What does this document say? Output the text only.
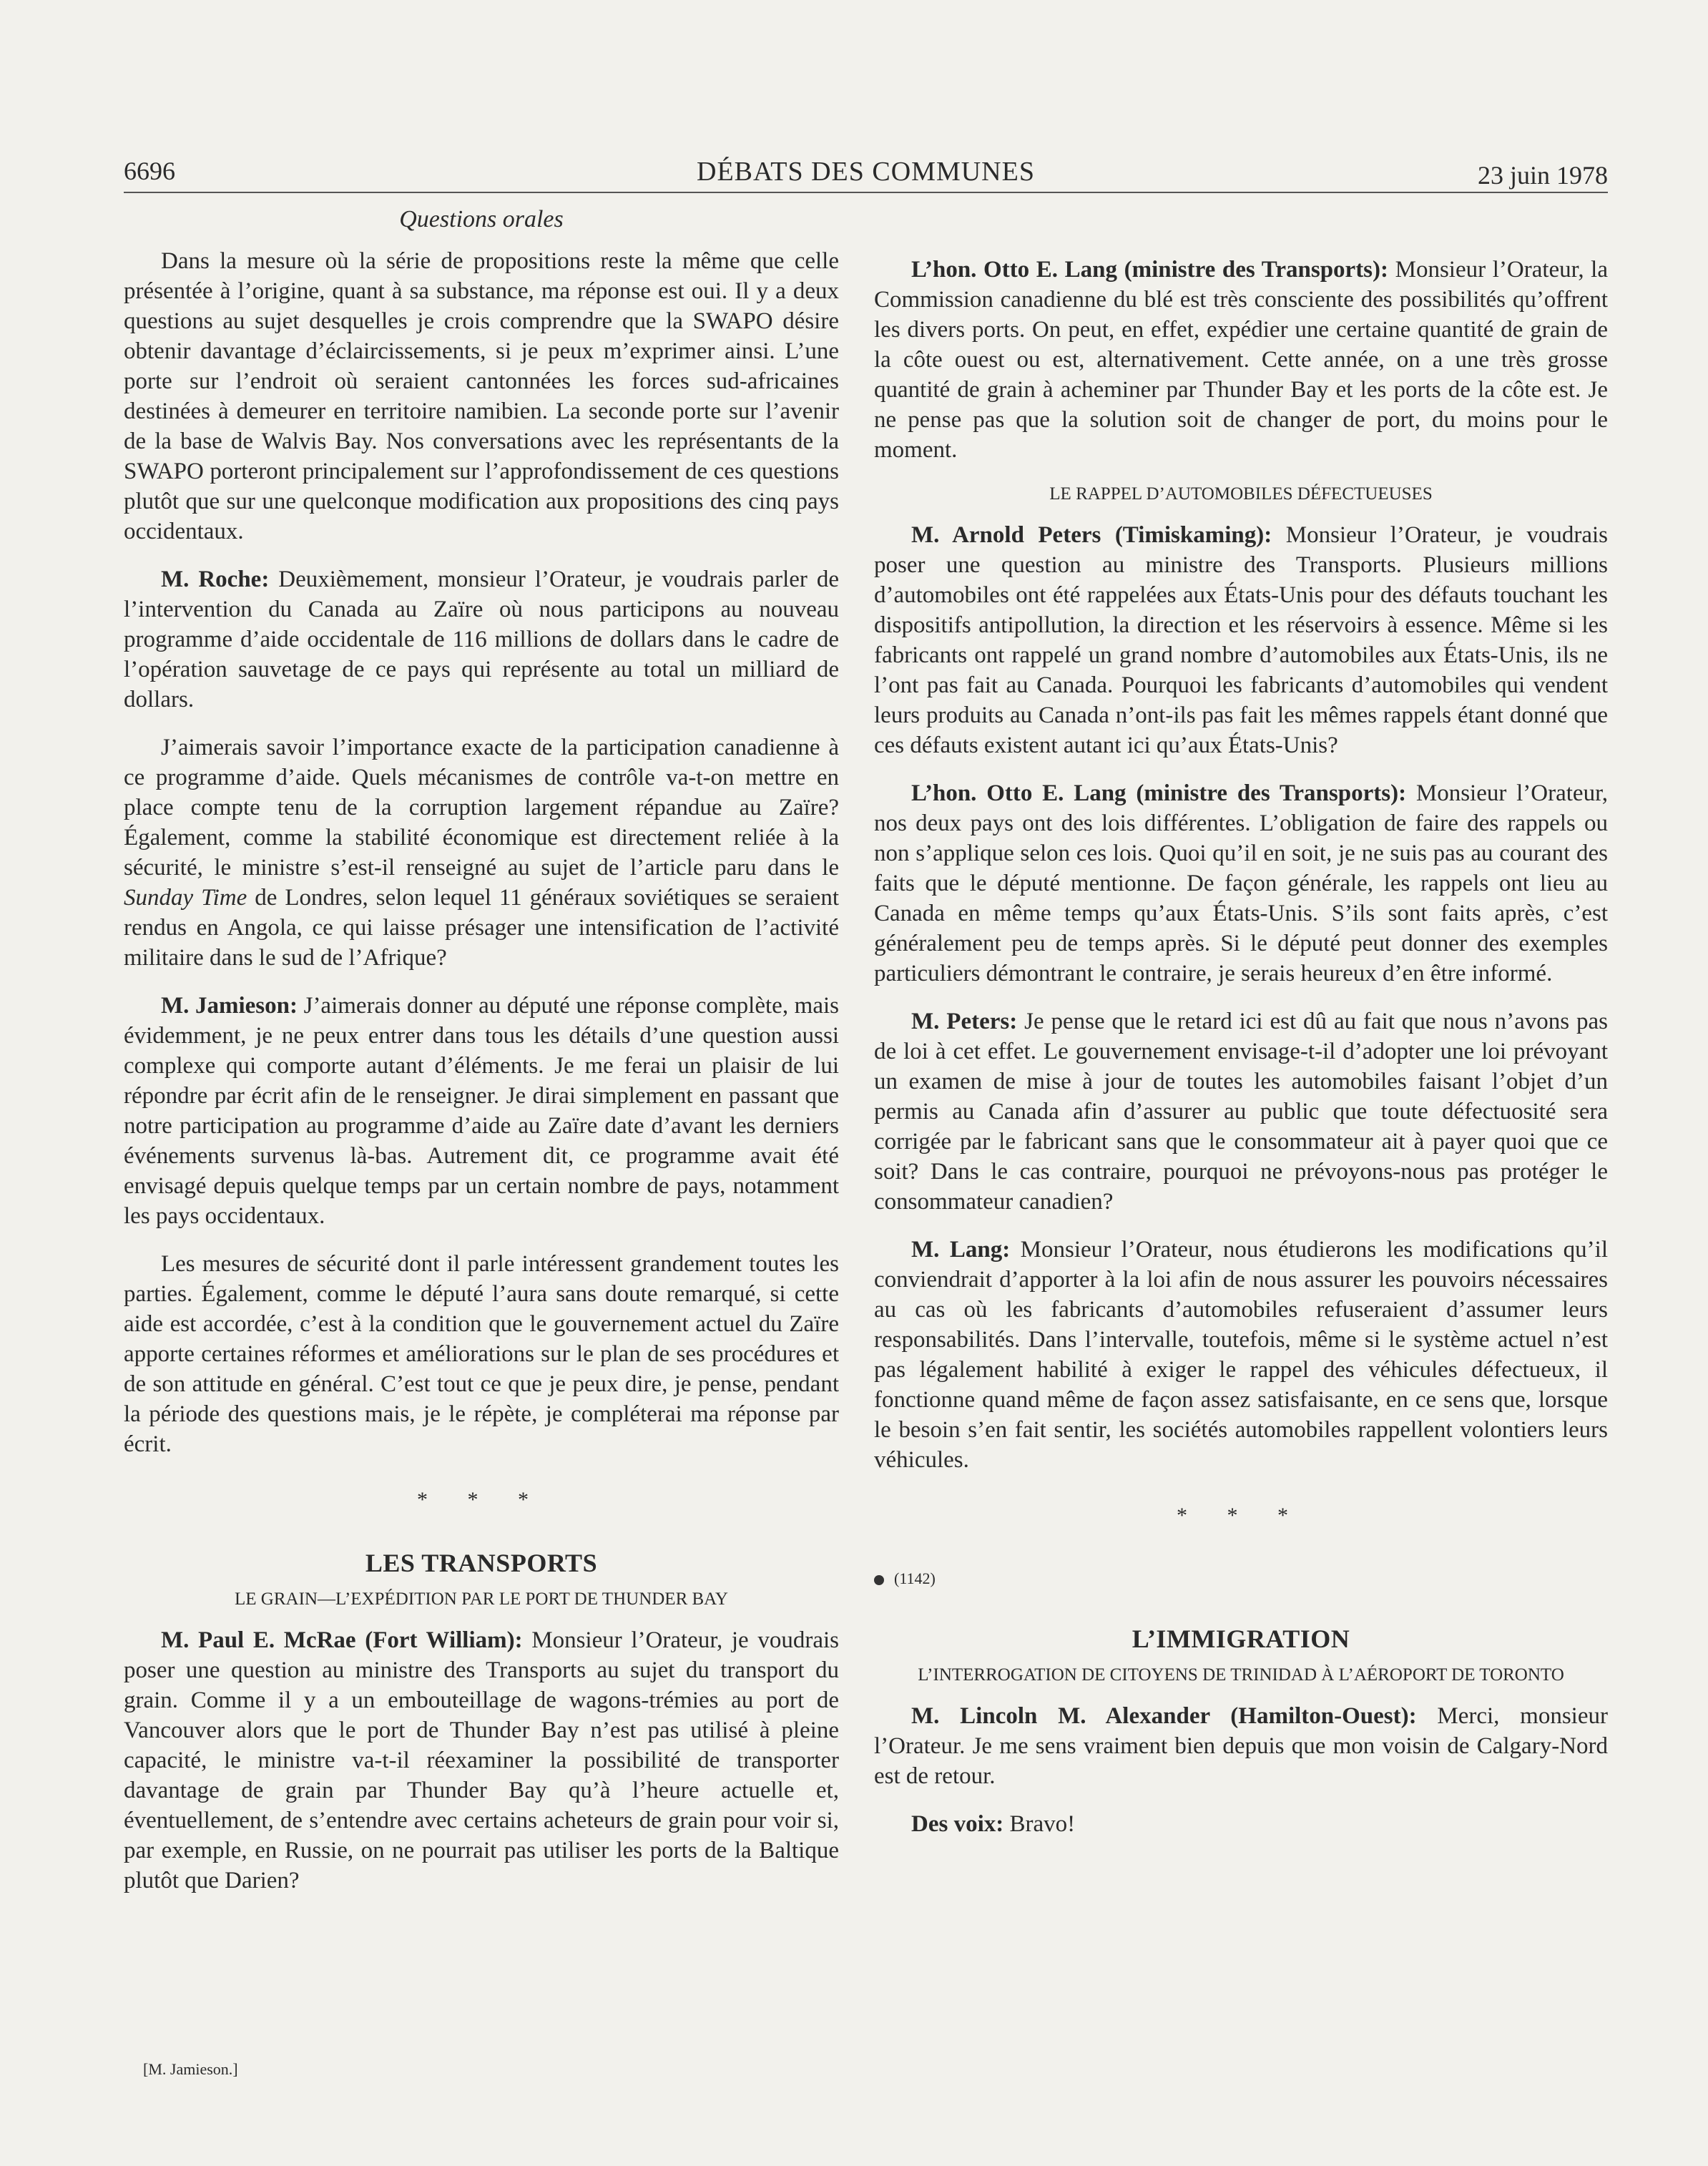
6696	DÉBATS DES COMMUNES	23 juin 1978
Questions orales

Dans la mesure où la série de propositions reste la même que celle présentée à l’origine, quant à sa substance, ma réponse est oui. Il y a deux questions au sujet desquelles je crois comprendre que la SWAPO désire obtenir davantage d’éclaircissements, si je peux m’exprimer ainsi. L’une porte sur l’endroit où seraient cantonnées les forces sud-africaines destinées à demeurer en territoire namibien. La seconde porte sur l’avenir de la base de Walvis Bay. Nos conversations avec les représentants de la SWAPO porteront principalement sur l’approfondissement de ces questions plutôt que sur une quelconque modification aux propositions des cinq pays occidentaux.

M. Roche: Deuxièmement, monsieur l’Orateur, je voudrais parler de l’intervention du Canada au Zaïre où nous participons au nouveau programme d’aide occidentale de 116 millions de dollars dans le cadre de l’opération sauvetage de ce pays qui représente au total un milliard de dollars.

J’aimerais savoir l’importance exacte de la participation canadienne à ce programme d’aide. Quels mécanismes de contrôle va-t-on mettre en place compte tenu de la corruption largement répandue au Zaïre? Également, comme la stabilité économique est directement reliée à la sécurité, le ministre s’est-il renseigné au sujet de l’article paru dans le Sunday Time de Londres, selon lequel 11 généraux soviétiques se seraient rendus en Angola, ce qui laisse présager une intensification de l’activité militaire dans le sud de l’Afrique?

M. Jamieson: J’aimerais donner au député une réponse complète, mais évidemment, je ne peux entrer dans tous les détails d’une question aussi complexe qui comporte autant d’éléments. Je me ferai un plaisir de lui répondre par écrit afin de le renseigner. Je dirai simplement en passant que notre participation au programme d’aide au Zaïre date d’avant les derniers événements survenus là-bas. Autrement dit, ce programme avait été envisagé depuis quelque temps par un certain nombre de pays, notamment les pays occidentaux.

Les mesures de sécurité dont il parle intéressent grandement toutes les parties. Également, comme le député l’aura sans doute remarqué, si cette aide est accordée, c’est à la condition que le gouvernement actuel du Zaïre apporte certaines réformes et améliorations sur le plan de ses procédures et de son attitude en général. C’est tout ce que je peux dire, je pense, pendant la période des questions mais, je le répète, je compléterai ma réponse par écrit.

* * *
LES TRANSPORTS
LE GRAIN—L’EXPÉDITION PAR LE PORT DE THUNDER BAY

M. Paul E. McRae (Fort William): Monsieur l’Orateur, je voudrais poser une question au ministre des Transports au sujet du transport du grain. Comme il y a un embouteillage de wagons-trémies au port de Vancouver alors que le port de Thunder Bay n’est pas utilisé à pleine capacité, le ministre va-t-il réexaminer la possibilité de transporter davantage de grain par Thunder Bay qu’à l’heure actuelle et, éventuellement, de s’entendre avec certains acheteurs de grain pour voir si, par exemple, en Russie, on ne pourrait pas utiliser les ports de la Baltique plutôt que Darien?

[M. Jamieson.]

L’hon. Otto E. Lang (ministre des Transports): Monsieur l’Orateur, la Commission canadienne du blé est très consciente des possibilités qu’offrent les divers ports. On peut, en effet, expédier une certaine quantité de grain de la côte ouest ou est, alternativement. Cette année, on a une très grosse quantité de grain à acheminer par Thunder Bay et les ports de la côte est. Je ne pense pas que la solution soit de changer de port, du moins pour le moment.

LE RAPPEL D’AUTOMOBILES DÉFECTUEUSES

M. Arnold Peters (Timiskaming): Monsieur l’Orateur, je voudrais poser une question au ministre des Transports. Plusieurs millions d’automobiles ont été rappelées aux États-Unis pour des défauts touchant les dispositifs antipollution, la direction et les réservoirs à essence. Même si les fabricants ont rappelé un grand nombre d’automobiles aux États-Unis, ils ne l’ont pas fait au Canada. Pourquoi les fabricants d’automobiles qui vendent leurs produits au Canada n’ont-ils pas fait les mêmes rappels étant donné que ces défauts existent autant ici qu’aux États-Unis?

L’hon. Otto E. Lang (ministre des Transports): Monsieur l’Orateur, nos deux pays ont des lois différentes. L’obligation de faire des rappels ou non s’applique selon ces lois. Quoi qu’il en soit, je ne suis pas au courant des faits que le député mentionne. De façon générale, les rappels ont lieu au Canada en même temps qu’aux États-Unis. S’ils sont faits après, c’est généralement peu de temps après. Si le député peut donner des exemples particuliers démontrant le contraire, je serais heureux d’en être informé.

M. Peters: Je pense que le retard ici est dû au fait que nous n’avons pas de loi à cet effet. Le gouvernement envisage-t-il d’adopter une loi prévoyant un examen de mise à jour de toutes les automobiles faisant l’objet d’un permis au Canada afin d’assurer au public que toute défectuosité sera corrigée par le fabricant sans que le consommateur ait à payer quoi que ce soit? Dans le cas contraire, pourquoi ne prévoyons-nous pas protéger le consommateur canadien?

M. Lang: Monsieur l’Orateur, nous étudierons les modifications qu’il conviendrait d’apporter à la loi afin de nous assurer les pouvoirs nécessaires au cas où les fabricants d’automobiles refuseraient d’assumer leurs responsabilités. Dans l’intervalle, toutefois, même si le système actuel n’est pas légalement habilité à exiger le rappel des véhicules défectueux, il fonctionne quand même de façon assez satisfaisante, en ce sens que, lorsque le besoin s’en fait sentir, les sociétés automobiles rappellent volontiers leurs véhicules.

* * *
(1142)
L’IMMIGRATION
L’INTERROGATION DE CITOYENS DE TRINIDAD À L’AÉROPORT DE TORONTO

M. Lincoln M. Alexander (Hamilton-Ouest): Merci, monsieur l’Orateur. Je me sens vraiment bien depuis que mon voisin de Calgary-Nord est de retour.

Des voix: Bravo!
